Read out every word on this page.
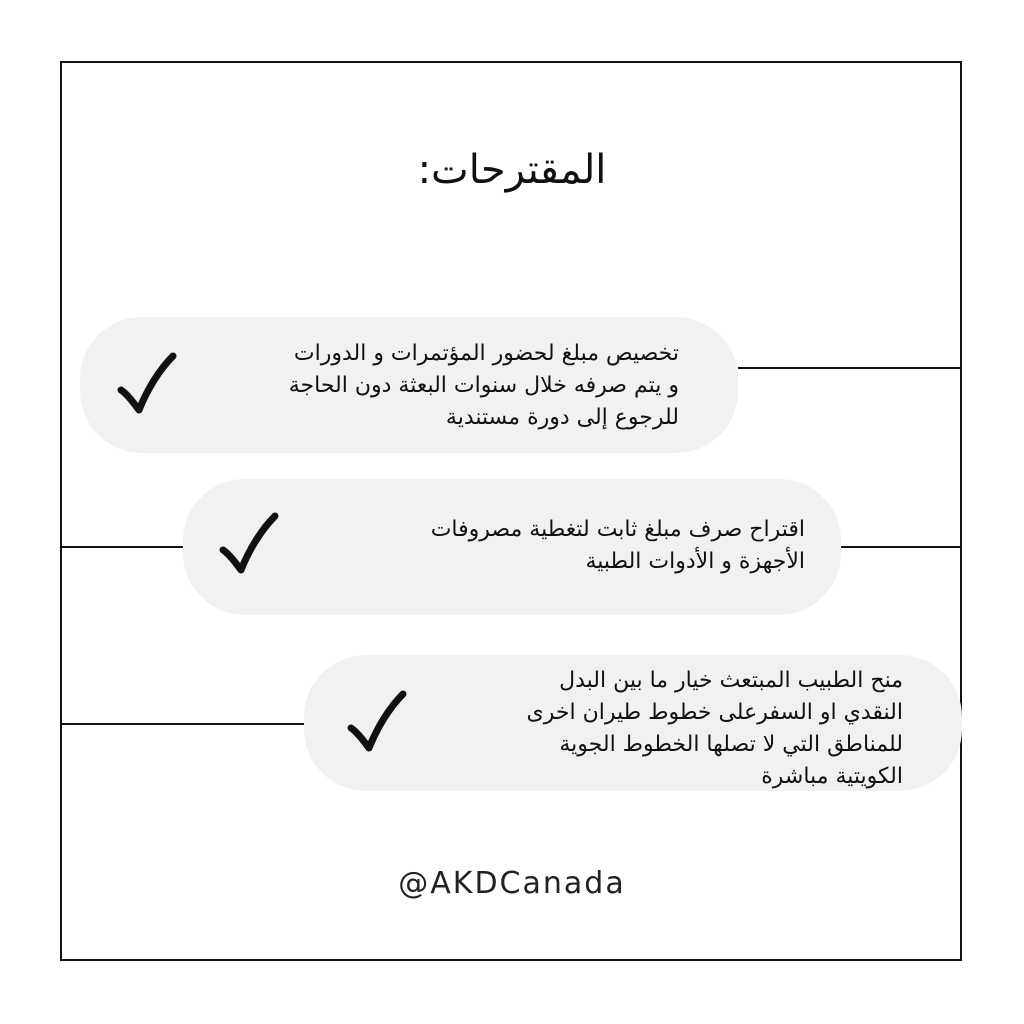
المقترحات:
تخصيص مبلغ لحضور المؤتمرات و الدورات
و يتم صرفه خلال سنوات البعثة دون الحاجة
للرجوع إلى دورة مستندية
اقتراح صرف مبلغ ثابت لتغطية مصروفات
الأجهزة و الأدوات الطبية
منح الطبيب المبتعث خيار ما بين البدل
النقدي او السفرعلى خطوط طيران اخرى
للمناطق التي لا تصلها الخطوط الجوية
الكويتية مباشرة
@AKDCanada
